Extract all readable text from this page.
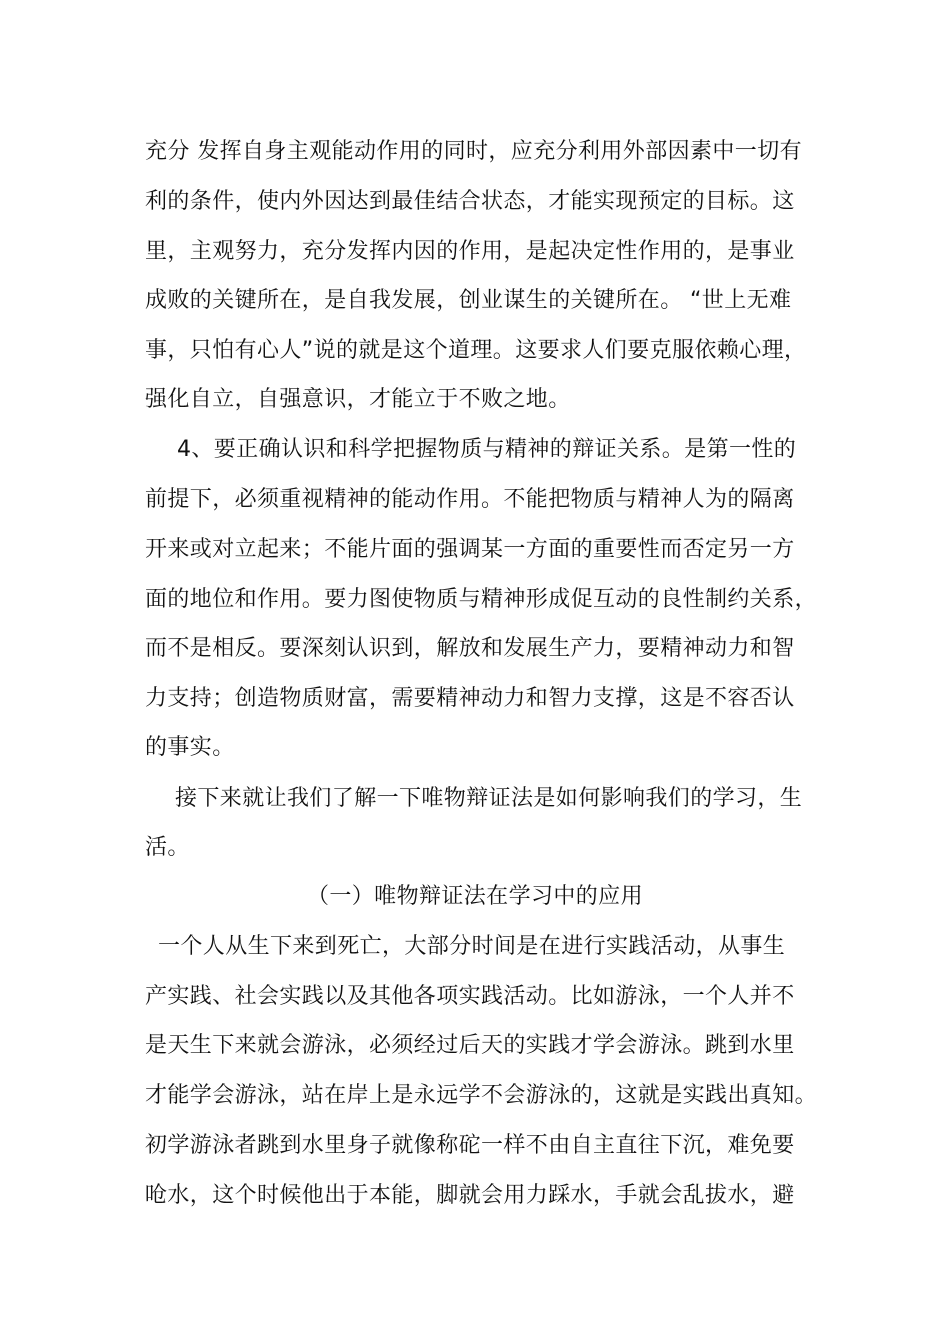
充分 发挥自身主观能动作用的同时，应充分利用外部因素中一切有
利的条件，使内外因达到最佳结合状态，才能实现预定的目标。这
里，主观努力，充分发挥内因的作用，是起决定性作用的，是事业
成败的关键所在，是自我发展，创业谋生的关键所在。 “世上无难
事，只怕有心人”说的就是这个道理。这要求人们要克服依赖心理，
强化自立，自强意识，才能立于不败之地。
4、要正确认识和科学把握物质与精神的辩证关系。是第一性的
前提下，必须重视精神的能动作用。不能把物质与精神人为的隔离
开来或对立起来；不能片面的强调某一方面的重要性而否定另一方
面的地位和作用。要力图使物质与精神形成促互动的良性制约关系，
而不是相反。要深刻认识到，解放和发展生产力，要精神动力和智
力支持；创造物质财富，需要精神动力和智力支撑，这是不容否认
的事实。
接下来就让我们了解一下唯物辩证法是如何影响我们的学习，生
活。
（一）唯物辩证法在学习中的应用
一个人从生下来到死亡，大部分时间是在进行实践活动，从事生
产实践、社会实践以及其他各项实践活动。比如游泳，一个人并不
是天生下来就会游泳，必须经过后天的实践才学会游泳。跳到水里
才能学会游泳，站在岸上是永远学不会游泳的，这就是实践出真知。
初学游泳者跳到水里身子就像称砣一样不由自主直往下沉，难免要
呛水，这个时候他出于本能，脚就会用力踩水，手就会乱拔水，避
